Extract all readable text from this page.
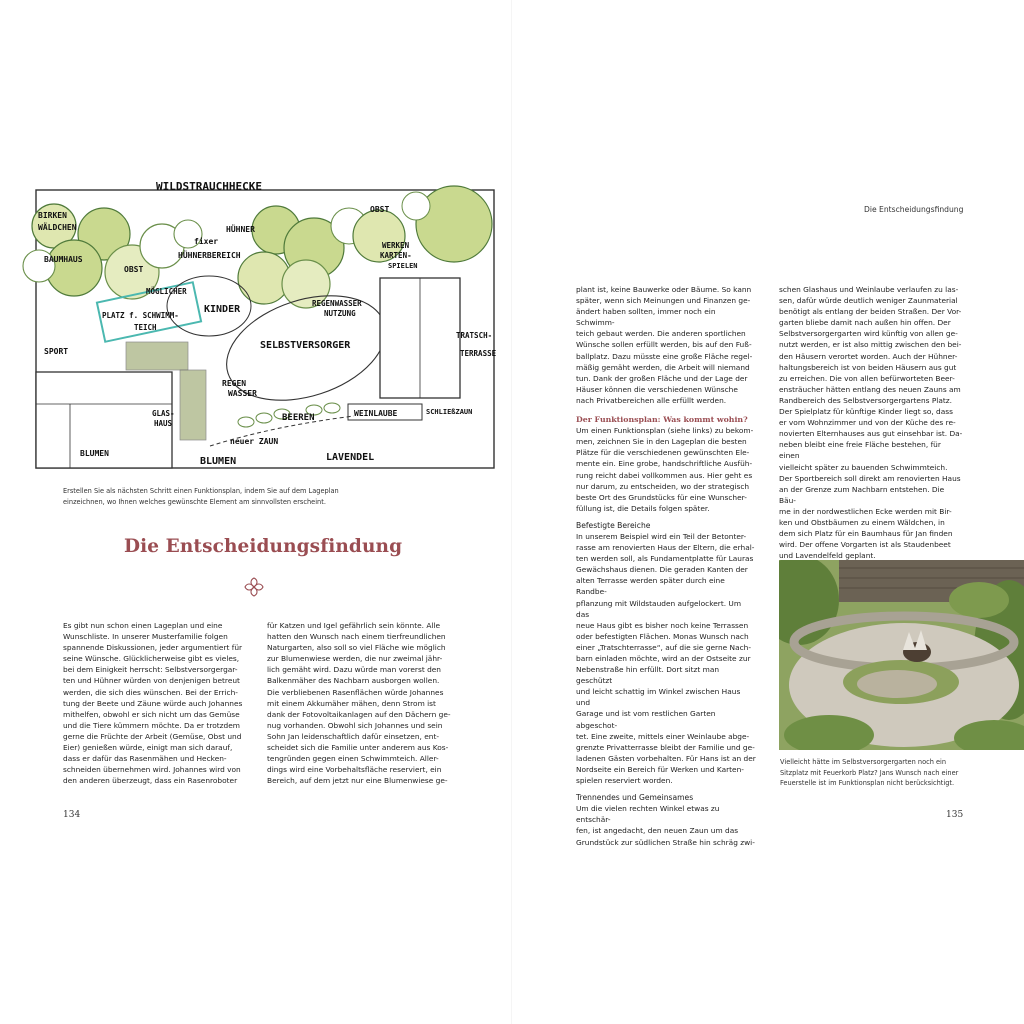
WILDSTRAUCHHECKE
BIRKEN
WÄLDCHEN
BAUMHAUS
OBST
OBST
fixer
HÜHNER
HÜHNERBEREICH
WERKEN
KARTEN-
SPIELEN
MÖGLICHER
PLATZ f. SCHWIMM-
TEICH
KINDER
REGENWASSER
NUTZUNG
TRATSCH-
TERRASSE
SPORT
SELBSTVERSORGER
REGEN
WASSER
GLAS-
HAUS
BEEREN	WEINLAUBE	SCHLIEßZAUN
neuer ZAUN
BLUMEN
BLUMEN	LAVENDEL
Erstellen Sie als nächsten Schritt einen Funktionsplan, indem Sie auf dem Lageplan einzeichnen, wo Ihnen welches gewünschte Element am sinnvollsten erscheint.
Die Entscheidungsfindung
Es gibt nun schon einen Lageplan und eine
Wunschliste. In unserer Musterfamilie folgen
spannende Diskussionen, jeder argumentiert für
seine Wünsche. Glücklicherweise gibt es vieles,
bei dem Einigkeit herrscht: Selbstversorgergar-
ten und Hühner würden von denjenigen betreut
werden, die sich dies wünschen. Bei der Errich-
tung der Beete und Zäune würde auch Johannes
mithelfen, obwohl er sich nicht um das Gemüse
und die Tiere kümmern möchte. Da er trotzdem
gerne die Früchte der Arbeit (Gemüse, Obst und
Eier) genießen würde, einigt man sich darauf,
dass er dafür das Rasenmähen und Hecken-
schneiden übernehmen wird. Johannes wird von
den anderen überzeugt, dass ein Rasenroboter
für Katzen und Igel gefährlich sein könnte. Alle
hatten den Wunsch nach einem tierfreundlichen
Naturgarten, also soll so viel Fläche wie möglich
zur Blumenwiese werden, die nur zweimal jähr-
lich gemäht wird. Dazu würde man vorerst den
Balkenmäher des Nachbarn ausborgen wollen.
Die verbliebenen Rasenflächen würde Johannes
mit einem Akkumäher mähen, denn Strom ist
dank der Fotovoltaikanlagen auf den Dächern ge-
nug vorhanden. Obwohl sich Johannes und sein
Sohn Jan leidenschaftlich dafür einsetzen, ent-
scheidet sich die Familie unter anderem aus Kos-
tengründen gegen einen Schwimmteich. Aller-
dings wird eine Vorbehaltsfläche reserviert, ein
Bereich, auf dem jetzt nur eine Blumenwiese ge-
134
Die Entscheidungsfindung
plant ist, keine Bauwerke oder Bäume. So kann
später, wenn sich Meinungen und Finanzen ge-
ändert haben sollten, immer noch ein Schwimm-
teich gebaut werden. Die anderen sportlichen
Wünsche sollen erfüllt werden, bis auf den Fuß-
ballplatz. Dazu müsste eine große Fläche regel-
mäßig gemäht werden, die Arbeit will niemand
tun. Dank der großen Fläche und der Lage der
Häuser können die verschiedenen Wünsche
nach Privatbereichen alle erfüllt werden.

Der Funktionsplan: Was kommt wohin?

Um einen Funktionsplan (siehe links) zu bekom-
men, zeichnen Sie in den Lageplan die besten
Plätze für die verschiedenen gewünschten Ele-
mente ein. Eine grobe, handschriftliche Ausfüh-
rung reicht dabei vollkommen aus. Hier geht es
nur darum, zu entscheiden, wo der strategisch
beste Ort des Grundstücks für eine Wunscher-
füllung ist, die Details folgen später.

Befestigte Bereiche

In unserem Beispiel wird ein Teil der Betonter-
rasse am renovierten Haus der Eltern, die erhal-
ten werden soll, als Fundamentplatte für Lauras
Gewächshaus dienen. Die geraden Kanten der
alten Terrasse werden später durch eine Randbe-
pflanzung mit Wildstauden aufgelockert. Um das
neue Haus gibt es bisher noch keine Terrassen
oder befestigten Flächen. Monas Wunsch nach
einer „Tratschterrasse“, auf die sie gerne Nach-
barn einladen möchte, wird an der Ostseite zur
Nebenstraße hin erfüllt. Dort sitzt man geschützt
und leicht schattig im Winkel zwischen Haus und
Garage und ist vom restlichen Garten abgeschot-
tet. Eine zweite, mittels einer Weinlaube abge-
grenzte Privatterrasse bleibt der Familie und ge-
ladenen Gästen vorbehalten. Für Hans ist an der
Nordseite ein Bereich für Werken und Karten-
spielen reserviert worden.

Trennendes und Gemeinsames

Um die vielen rechten Winkel etwas zu entschär-
fen, ist angedacht, den neuen Zaun um das
Grundstück zur südlichen Straße hin schräg zwi-
schen Glashaus und Weinlaube verlaufen zu las-
sen, dafür würde deutlich weniger Zaunmaterial
benötigt als entlang der beiden Straßen. Der Vor-
garten bliebe damit nach außen hin offen. Der
Selbstversorgergarten wird künftig von allen ge-
nutzt werden, er ist also mittig zwischen den bei-
den Häusern verortet worden. Auch der Hühner-
haltungsbereich ist von beiden Häusern aus gut
zu erreichen. Die von allen befürworteten Beer-
ensträucher hätten entlang des neuen Zauns am
Randbereich des Selbstversorgergartens Platz.
Der Spielplatz für künftige Kinder liegt so, dass
er vom Wohnzimmer und von der Küche des re-
novierten Elternhauses aus gut einsehbar ist. Da-
neben bleibt eine freie Fläche bestehen, für einen
vielleicht später zu bauenden Schwimmteich.
Der Sportbereich soll direkt am renovierten Haus
an der Grenze zum Nachbarn entstehen. Die Bäu-
me in der nordwestlichen Ecke werden mit Bir-
ken und Obstbäumen zu einem Wäldchen, in
dem sich Platz für ein Baumhaus für Jan finden
wird. Der offene Vorgarten ist als Staudenbeet
und Lavendelfeld geplant.
Vielleicht hätte im Selbstversorgergarten noch ein Sitzplatz mit Feuerkorb Platz? Jans Wunsch nach einer Feuerstelle ist im Funktionsplan nicht berücksichtigt.
135
